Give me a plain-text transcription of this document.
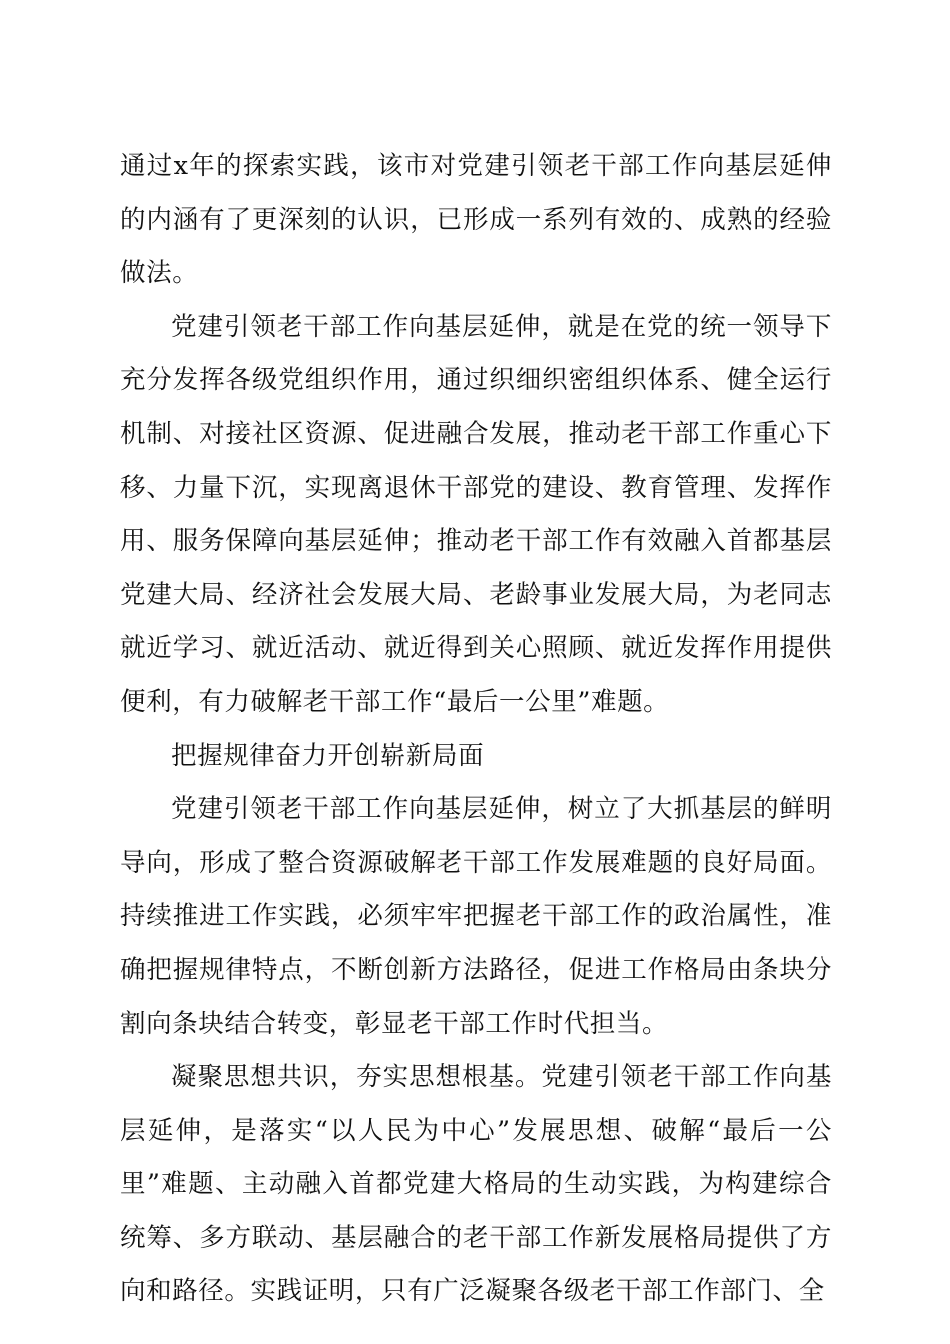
通过x年的探索实践，该市对党建引领老干部工作向基层延伸的内涵有了更深刻的认识，已形成一系列有效的、成熟的经验做法。

党建引领老干部工作向基层延伸，就是在党的统一领导下充分发挥各级党组织作用，通过织细织密组织体系、健全运行机制、对接社区资源、促进融合发展，推动老干部工作重心下移、力量下沉，实现离退休干部党的建设、教育管理、发挥作用、服务保障向基层延伸；推动老干部工作有效融入首都基层党建大局、经济社会发展大局、老龄事业发展大局，为老同志就近学习、就近活动、就近得到关心照顾、就近发挥作用提供便利，有力破解老干部工作“最后一公里”难题。

把握规律奋力开创崭新局面

党建引领老干部工作向基层延伸，树立了大抓基层的鲜明导向，形成了整合资源破解老干部工作发展难题的良好局面。持续推进工作实践，必须牢牢把握老干部工作的政治属性，准确把握规律特点，不断创新方法路径，促进工作格局由条块分割向条块结合转变，彰显老干部工作时代担当。

凝聚思想共识，夯实思想根基。党建引领老干部工作向基层延伸，是落实“以人民为中心”发展思想、破解“最后一公里”难题、主动融入首都党建大格局的生动实践，为构建综合统筹、多方联动、基层融合的老干部工作新发展格局提供了方向和路径。实践证明，只有广泛凝聚各级老干部工作部门、全
